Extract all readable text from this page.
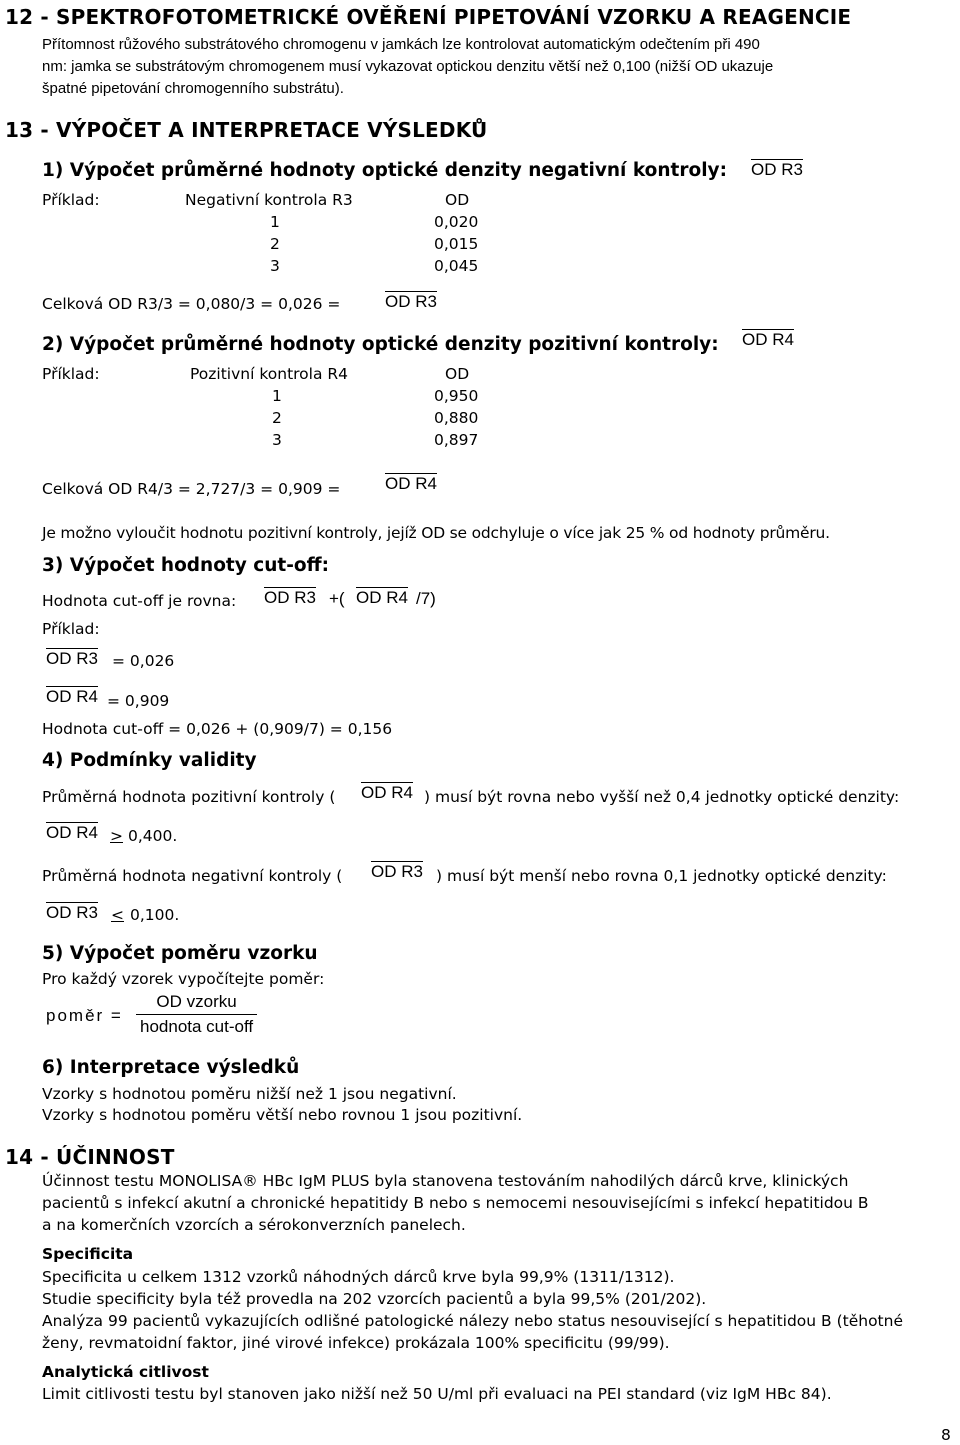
12 - SPEKTROFOTOMETRICKÉ OVĚŘENÍ PIPETOVÁNÍ VZORKU A REAGENCIE
Přítomnost růžového substrátového chromogenu v jamkách lze kontrolovat automatickým odečtením při 490
nm: jamka se substrátovým chromogenem musí vykazovat optickou denzitu větší než 0,100 (nižší OD ukazuje
špatné pipetování chromogenního substrátu).
13 - VÝPOČET A INTERPRETACE VÝSLEDKŮ
1) Výpočet průměrné hodnoty optické denzity negativní kontroly: OD R3
Příklad:	Negativní kontrola R3	OD
1	0,020
2	0,015
3	0,045
Celková OD R3/3 = 0,080/3 = 0,026 =	OD R3
2) Výpočet průměrné hodnoty optické denzity pozitivní kontroly: OD R4
Příklad:	Pozitivní kontrola R4	OD
1	0,950
2	0,880
3	0,897
Celková OD R4/3 = 2,727/3 = 0,909 =	OD R4
Je možno vyloučit hodnotu pozitivní kontroly, jejíž OD se odchyluje o více jak 25 % od hodnoty průměru.
3) Výpočet hodnoty cut-off:
Hodnota cut-off je rovna: OD R3 +( OD R4 /7)
Příklad:
OD R3 = 0,026
OD R4 = 0,909
Hodnota cut-off = 0,026 + (0,909/7) = 0,156
4) Podmínky validity
Průměrná hodnota pozitivní kontroly ( OD R4 ) musí být rovna nebo vyšší než 0,4 jednotky optické denzity:
OD R4 > 0,400.
Průměrná hodnota negativní kontroly ( OD R3 ) musí být menší nebo rovna 0,1 jednotky optické denzity:
OD R3 < 0,100.
5) Výpočet poměru vzorku
Pro každý vzorek vypočítejte poměr:
poměr =
OD vzorku
hodnota cut-off
6) Interpretace výsledků
Vzorky s hodnotou poměru nižší než 1 jsou negativní.
Vzorky s hodnotou poměru větší nebo rovnou 1 jsou pozitivní.
14 - ÚČINNOST
Účinnost testu MONOLISA® HBc IgM PLUS byla stanovena testováním nahodilých dárců krve, klinických
pacientů s infekcí akutní a chronické hepatitidy B nebo s nemocemi nesouvisejícími s infekcí hepatitidou B
a na komerčních vzorcích a sérokonverzních panelech.
Specificita
Specificita u celkem 1312 vzorků náhodných dárců krve byla 99,9% (1311/1312).
Studie specificity byla též provedla na 202 vzorcích pacientů a byla 99,5% (201/202).
Analýza 99 pacientů vykazujících odlišné patologické nálezy nebo status nesouvisející s hepatitidou B (těhotné
ženy, revmatoidní faktor, jiné virové infekce) prokázala 100% specificitu (99/99).
Analytická citlivost
Limit citlivosti testu byl stanoven jako nižší než 50 U/ml při evaluaci na PEI standard (viz IgM HBc 84).
8
